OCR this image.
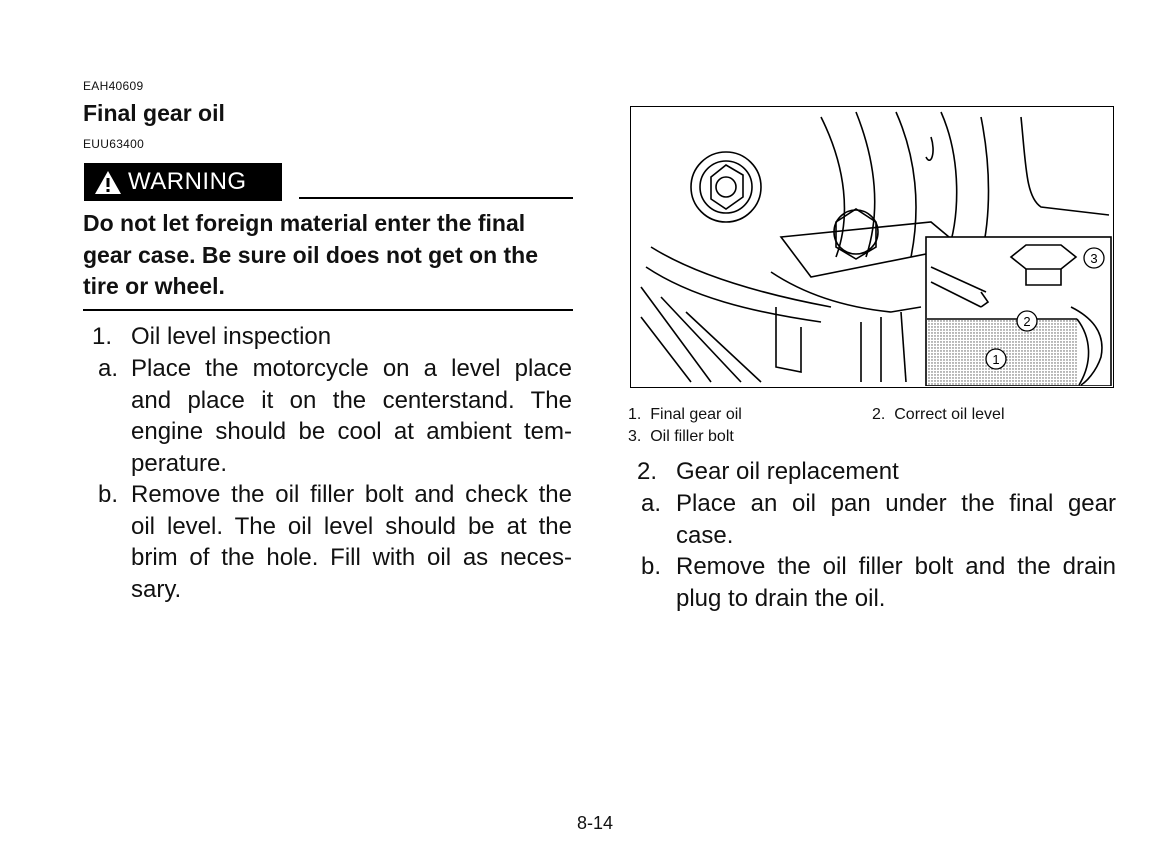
EAH40609
Final gear oil
EUU63400
WARNING
Do not let foreign material enter the final gear case. Be sure oil does not get on the tire or wheel.
1. Oil level inspection
a. Place the motorcycle on a level place and place it on the centerstand. The engine should be cool at ambient tem-perature.
b. Remove the oil filler bolt and check the oil level. The oil level should be at the brim of the hole. Fill with oil as neces-sary.
3
2
1
1. Final gear oil	2. Correct oil level
3. Oil filler bolt
2. Gear oil replacement
a. Place an oil pan under the final gear case.
b. Remove the oil filler bolt and the drain plug to drain the oil.
8-14
